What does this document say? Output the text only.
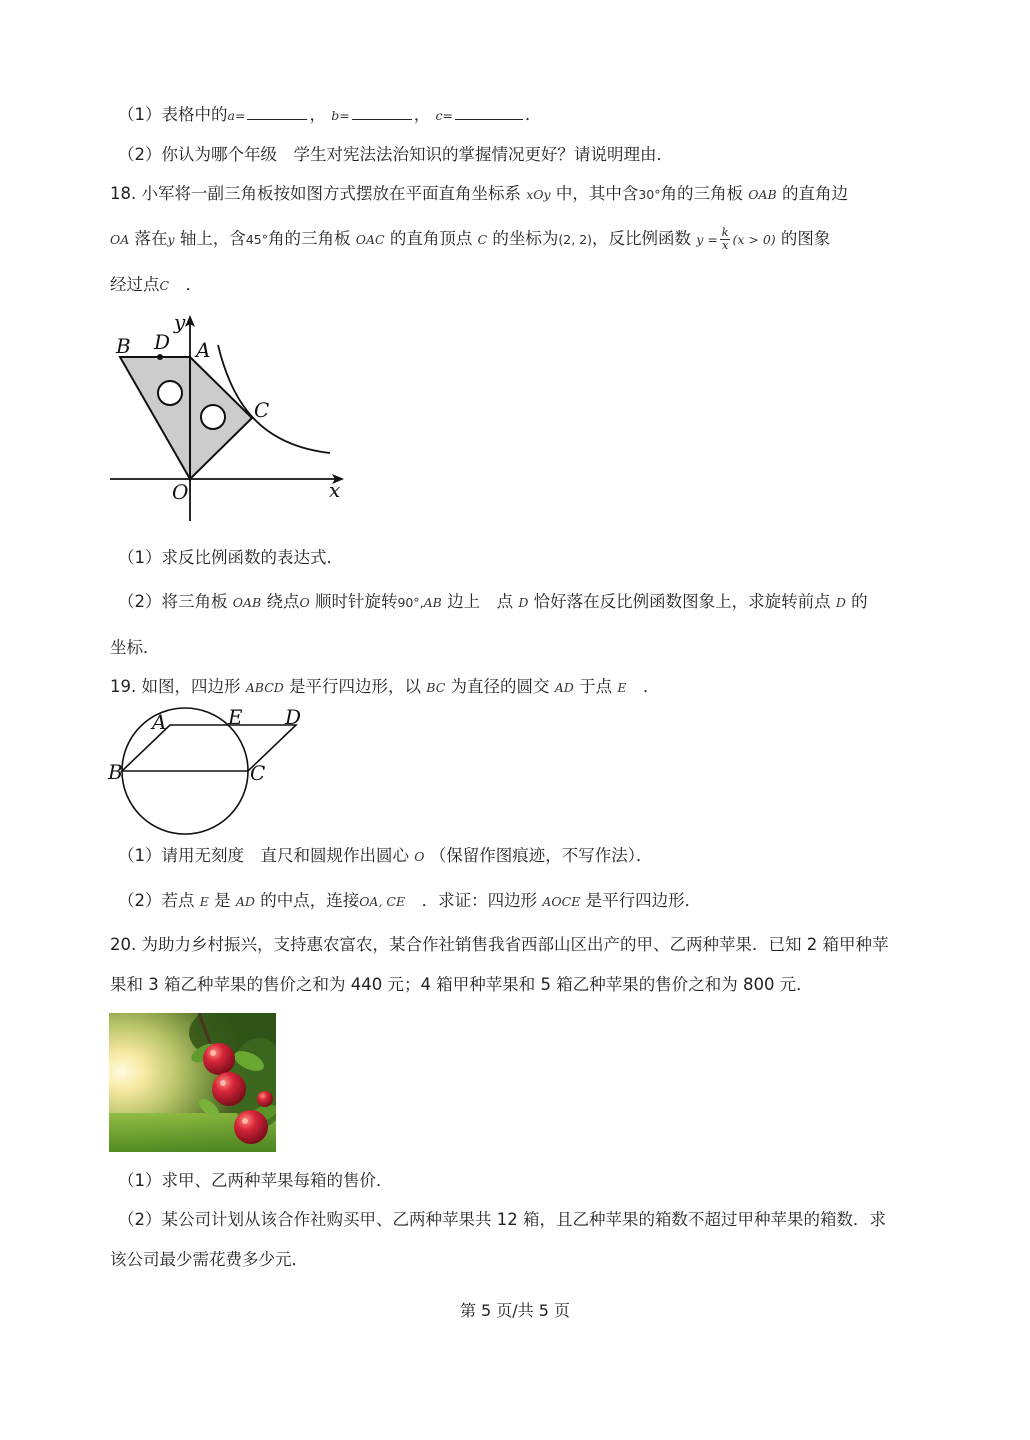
（1）表格中的a=	， b=	， c=	．
（2）你认为哪个年级　学生对宪法法治知识的掌握情况更好？请说明理由．
18. 小军将一副三角板按如图方式摆放在平面直角坐标系 xOy 中，其中含30°角的三角板 OAB 的直角边
OA 落在y 轴上，含45°角的三角板 OAC 的直角顶点 C 的坐标为(2, 2)，反比例函数 $y = \frac{k}{x} (x > 0)$ 的图象
经过点C　 ．
B D A
C
O	x
y
（1）求反比例函数的表达式．
（2）将三角板 OAB 绕点O 顺时针旋转90°,AB 边上　点 D 恰好落在反比例函数图象上，求旋转前点 D 的
坐标．
19. 如图，四边形 ABCD 是平行四边形，以 BC 为直径的圆交 AD 于点 E　 ．
A	E D
B	C
（1）请用无刻度　直尺和圆规作出圆心 O （保留作图痕迹，不写作法）．
（2）若点 E 是 AD 的中点，连接OA, CE　 ．求证：四边形 AOCE 是平行四边形．
20. 为助力乡村振兴，支持惠农富农，某合作社销售我省西部山区出产的甲、乙两种苹果．已知 2 箱甲种苹
果和 3 箱乙种苹果的售价之和为 440 元；4 箱甲种苹果和 5 箱乙种苹果的售价之和为 800 元．
（1）求甲、乙两种苹果每箱的售价．
（2）某公司计划从该合作社购买甲、乙两种苹果共 12 箱，且乙种苹果的箱数不超过甲种苹果的箱数．求
该公司最少需花费多少元．
第 5 页/共 5 页
